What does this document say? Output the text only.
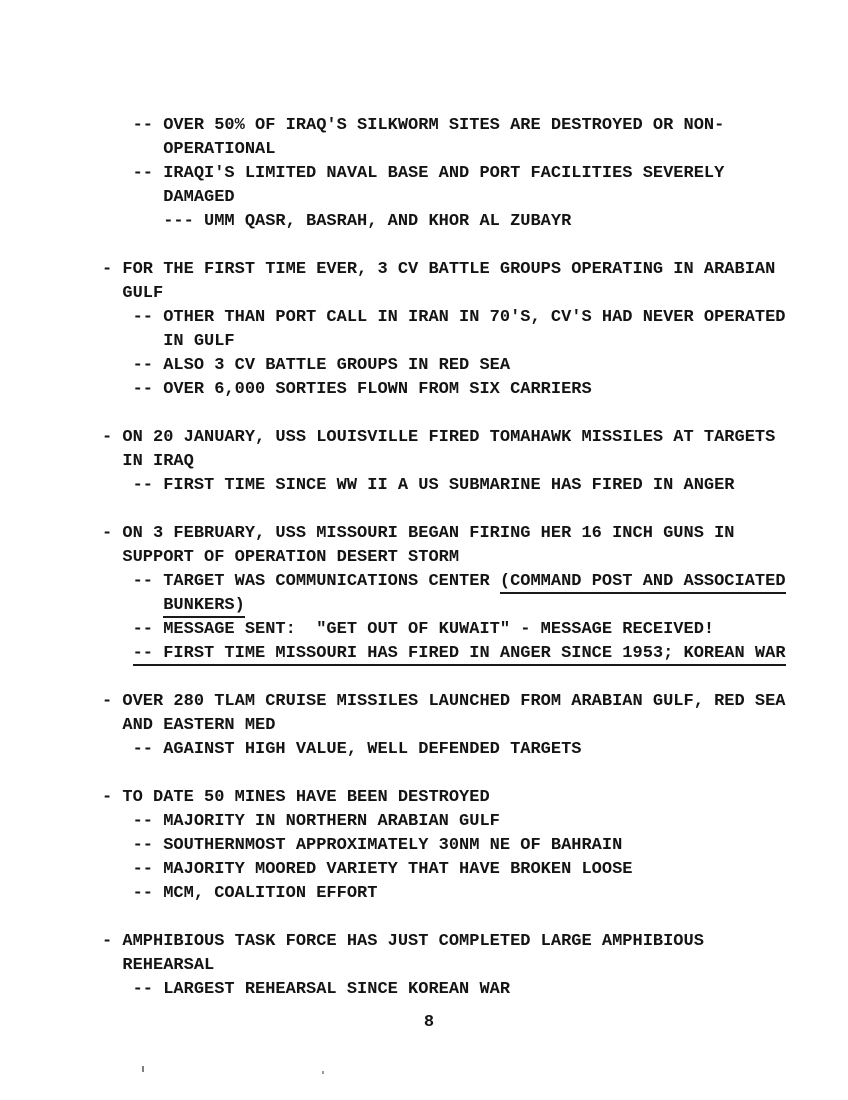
-- OVER 50% OF IRAQ'S SILKWORM SITES ARE DESTROYED OR NON-
OPERATIONAL
-- IRAQI'S LIMITED NAVAL BASE AND PORT FACILITIES SEVERELY
DAMAGED
--- UMM QASR, BASRAH, AND KHOR AL ZUBAYR
- FOR THE FIRST TIME EVER, 3 CV BATTLE GROUPS OPERATING IN ARABIAN
GULF
-- OTHER THAN PORT CALL IN IRAN IN 70'S, CV'S HAD NEVER OPERATED
IN GULF
-- ALSO 3 CV BATTLE GROUPS IN RED SEA
-- OVER 6,000 SORTIES FLOWN FROM SIX CARRIERS
- ON 20 JANUARY, USS LOUISVILLE FIRED TOMAHAWK MISSILES AT TARGETS
IN IRAQ
-- FIRST TIME SINCE WW II A US SUBMARINE HAS FIRED IN ANGER
- ON 3 FEBRUARY, USS MISSOURI BEGAN FIRING HER 16 INCH GUNS IN
SUPPORT OF OPERATION DESERT STORM
-- TARGET WAS COMMUNICATIONS CENTER (COMMAND POST AND ASSOCIATED
BUNKERS)
-- MESSAGE SENT:  "GET OUT OF KUWAIT" - MESSAGE RECEIVED!
-- FIRST TIME MISSOURI HAS FIRED IN ANGER SINCE 1953; KOREAN WAR
- OVER 280 TLAM CRUISE MISSILES LAUNCHED FROM ARABIAN GULF, RED SEA
AND EASTERN MED
-- AGAINST HIGH VALUE, WELL DEFENDED TARGETS
- TO DATE 50 MINES HAVE BEEN DESTROYED
-- MAJORITY IN NORTHERN ARABIAN GULF
-- SOUTHERNMOST APPROXIMATELY 30NM NE OF BAHRAIN
-- MAJORITY MOORED VARIETY THAT HAVE BROKEN LOOSE
-- MCM, COALITION EFFORT
- AMPHIBIOUS TASK FORCE HAS JUST COMPLETED LARGE AMPHIBIOUS
REHEARSAL
-- LARGEST REHEARSAL SINCE KOREAN WAR
8
